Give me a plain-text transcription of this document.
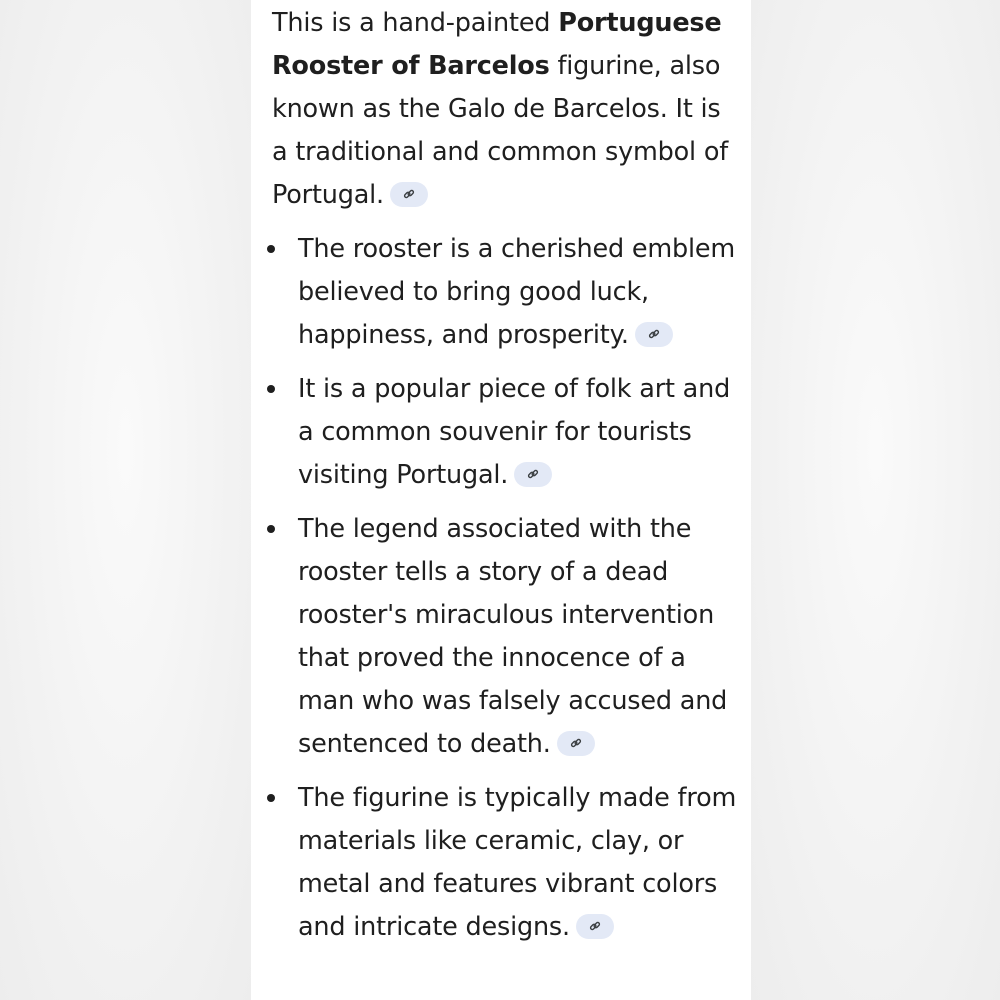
This is a hand-painted Portuguese Rooster of Barcelos figurine, also known as the Galo de Barcelos. It is a traditional and common symbol of Portugal.

The rooster is a cherished emblem believed to bring good luck, happiness, and prosperity.
It is a popular piece of folk art and a common souvenir for tourists visiting Portugal.
The legend associated with the rooster tells a story of a dead rooster's miraculous intervention that proved the innocence of a man who was falsely accused and sentenced to death.
The figurine is typically made from materials like ceramic, clay, or metal and features vibrant colors and intricate designs.
